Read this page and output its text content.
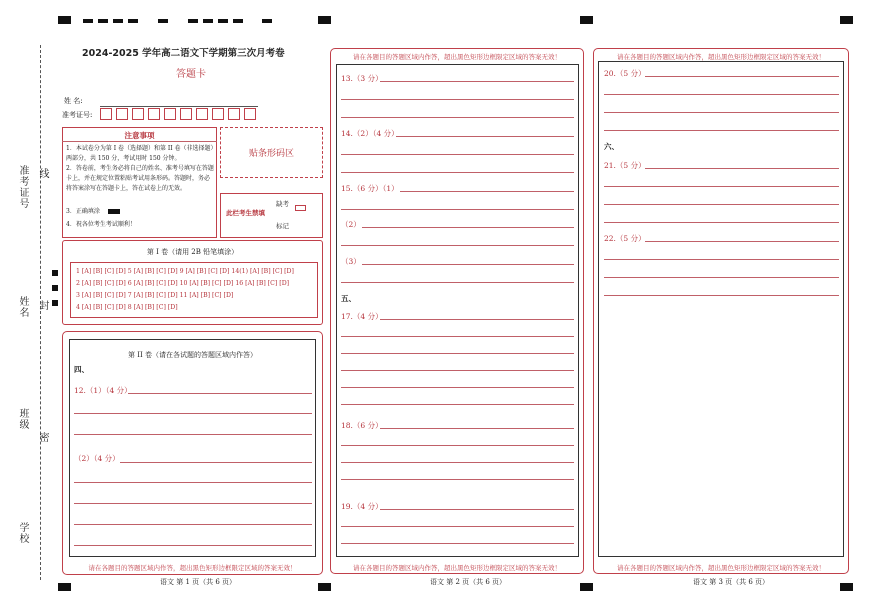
准考证号 线
姓名 封
班级
密
学校
2024-2025 学年高二语文下学期第三次月考卷
答题卡
姓 名:
准考证号:
注意事项
1．本试卷分为第 I 卷（选择题）和第 II 卷（非选择题）两部分，共 150 分，考试用时 150 分钟。
2．答卷前，考生务必将自己的姓名、准考号填写在答题卡上，并在规定位置粘贴考试用条形码。答题时，务必将答案涂写在答题卡上，答在试卷上的无效。
3．正确填涂
4．祝各位考生考试顺利！
贴条形码区
此栏考生禁填
缺考
标记
第 I 卷（请用 2B 铅笔填涂）
1 [A] [B] [C] [D] 5 [A] [B] [C] [D] 9 [A] [B] [C] [D] 14(1) [A] [B] [C] [D]
2 [A] [B] [C] [D] 6 [A] [B] [C] [D] 10 [A] [B] [C] [D] 16 [A] [B] [C] [D]
3 [A] [B] [C] [D] 7 [A] [B] [C] [D] 11 [A] [B] [C] [D]
4 [A] [B] [C] [D] 8 [A] [B] [C] [D]
第 II 卷（请在各试题的答题区域内作答）
四、
12.（1）（4 分）
（2）（4 分）
请在各题目的答题区域内作答，超出黑色矩形边框限定区域的答案无效！
语文 第 1 页（共 6 页）
请在各题目的答题区域内作答，超出黑色矩形边框限定区域的答案无效！
13.（3 分）
14.（2）（4 分）
15.（6 分）（1）
（2）
（3）
五、
17.（4 分）
18.（6 分）
19.（4 分）
请在各题目的答题区域内作答，超出黑色矩形边框限定区域的答案无效！
语文 第 2 页（共 6 页）
请在各题目的答题区域内作答，超出黑色矩形边框限定区域的答案无效！
20.（5 分）
六、
21.（5 分）
22.（5 分）
请在各题目的答题区域内作答，超出黑色矩形边框限定区域的答案无效！
语文 第 3 页（共 6 页）
